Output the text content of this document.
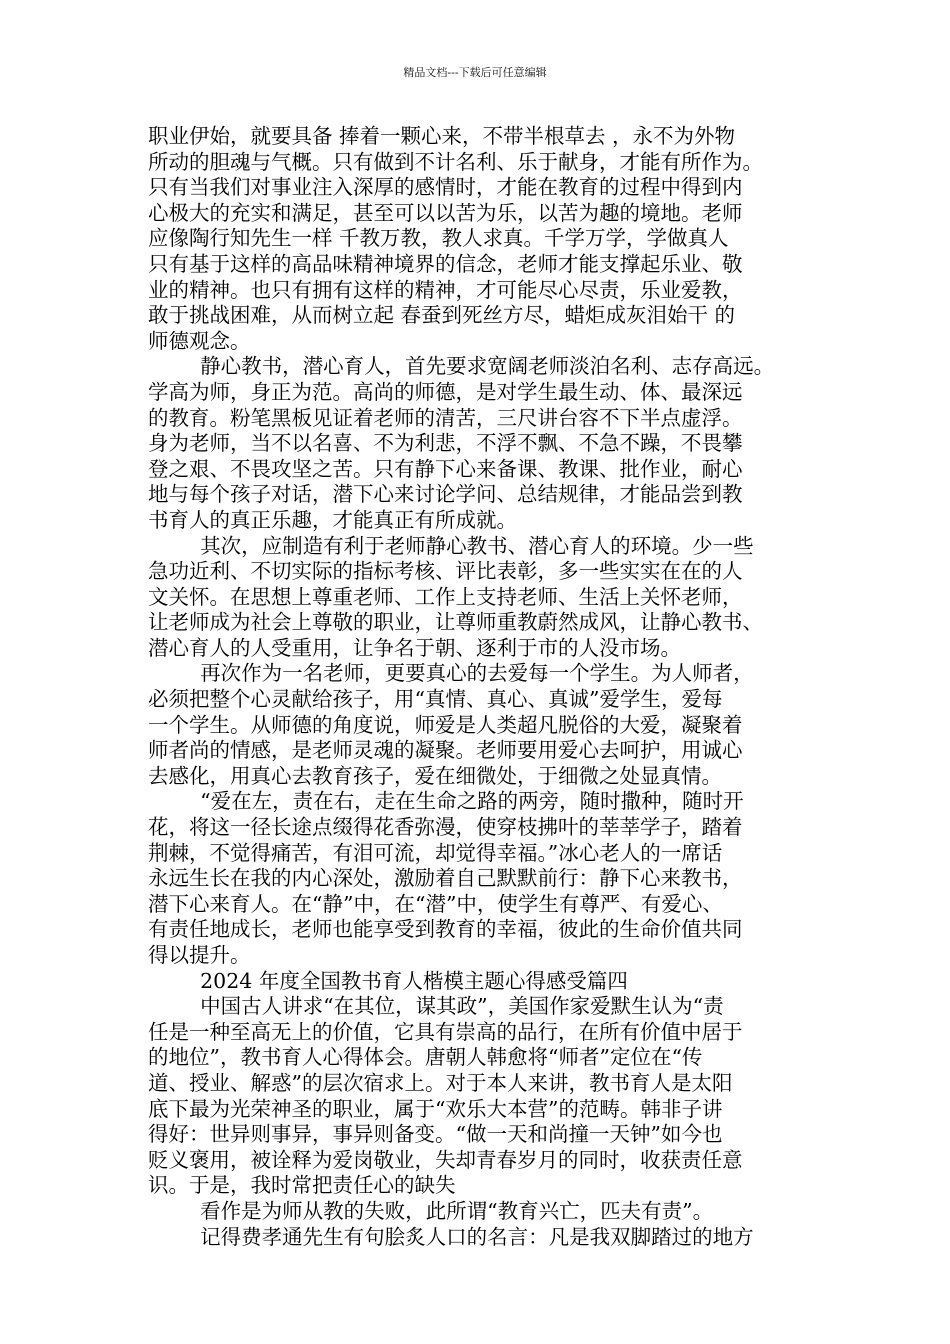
精品文档---下载后可任意编辑
职业伊始，就要具备 捧着一颗心来，不带半根草去 ，永不为外物
所动的胆魂与气概。只有做到不计名利、乐于献身，才能有所作为。
只有当我们对事业注入深厚的感情时，才能在教育的过程中得到内
心极大的充实和满足，甚至可以以苦为乐，以苦为趣的境地。老师
应像陶行知先生一样 千教万教，教人求真。千学万学，学做真人
只有基于这样的高品味精神境界的信念，老师才能支撑起乐业、敬
业的精神。也只有拥有这样的精神，才可能尽心尽责，乐业爱教，
敢于挑战困难，从而树立起 春蚕到死丝方尽，蜡炬成灰泪始干 的
师德观念。
静心教书，潜心育人，首先要求宽阔老师淡泊名利、志存高远。
学高为师，身正为范。高尚的师德，是对学生最生动、体、最深远
的教育。粉笔黑板见证着老师的清苦，三尺讲台容不下半点虚浮。
身为老师，当不以名喜、不为利悲，不浮不飘、不急不躁，不畏攀
登之艰、不畏攻坚之苦。只有静下心来备课、教课、批作业，耐心
地与每个孩子对话，潜下心来讨论学问、总结规律，才能品尝到教
书育人的真正乐趣，才能真正有所成就。
其次，应制造有利于老师静心教书、潜心育人的环境。少一些
急功近利、不切实际的指标考核、评比表彰，多一些实实在在的人
文关怀。在思想上尊重老师、工作上支持老师、生活上关怀老师，
让老师成为社会上尊敬的职业，让尊师重教蔚然成风，让静心教书、
潜心育人的人受重用，让争名于朝、逐利于市的人没市场。
再次作为一名老师，更要真心的去爱每一个学生。为人师者，
必须把整个心灵献给孩子，用“真情、真心、真诚”爱学生，爱每
一个学生。从师德的角度说，师爱是人类超凡脱俗的大爱，凝聚着
师者尚的情感，是老师灵魂的凝聚。老师要用爱心去呵护，用诚心
去感化，用真心去教育孩子，爱在细微处，于细微之处显真情。
“爱在左，责在右，走在生命之路的两旁，随时撒种，随时开
花，将这一径长途点缀得花香弥漫，使穿枝拂叶的莘莘学子，踏着
荆棘，不觉得痛苦，有泪可流，却觉得幸福。”冰心老人的一席话
永远生长在我的内心深处，激励着自己默默前行：静下心来教书，
潜下心来育人。在“静”中，在“潜”中，使学生有尊严、有爱心、
有责任地成长，老师也能享受到教育的幸福，彼此的生命价值共同
得以提升。
2024 年度全国教书育人楷模主题心得感受篇四
中国古人讲求“在其位，谋其政”，美国作家爱默生认为“责
任是一种至高无上的价值，它具有崇高的品行，在所有价值中居于
的地位”，教书育人心得体会。唐朝人韩愈将“师者”定位在“传
道、授业、解惑”的层次宿求上。对于本人来讲，教书育人是太阳
底下最为光荣神圣的职业，属于“欢乐大本营”的范畴。韩非子讲
得好：世异则事异，事异则备变。“做一天和尚撞一天钟”如今也
贬义褒用，被诠释为爱岗敬业，失却青春岁月的同时，收获责任意
识。于是，我时常把责任心的缺失
看作是为师从教的失败，此所谓“教育兴亡，匹夫有责”。
记得费孝通先生有句脍炙人口的名言：凡是我双脚踏过的地方
